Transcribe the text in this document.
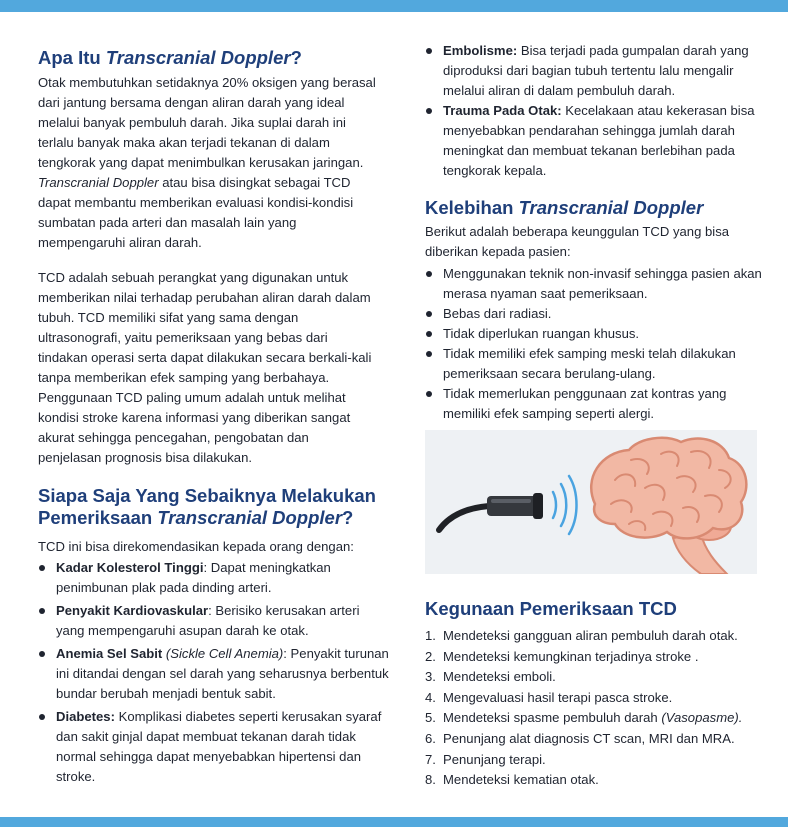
Apa Itu Transcranial Doppler?

Otak membutuhkan setidaknya 20% oksigen yang berasal dari jantung bersama dengan aliran darah yang ideal melalui banyak pembuluh darah. Jika suplai darah ini terlalu banyak maka akan terjadi tekanan di dalam tengkorak yang dapat menimbulkan kerusakan jaringan. Transcranial Doppler atau bisa disingkat sebagai TCD dapat membantu memberikan evaluasi kondisi-kondisi sumbatan pada arteri dan masalah lain yang mempengaruhi aliran darah.

TCD adalah sebuah perangkat yang digunakan untuk memberikan nilai terhadap perubahan aliran darah dalam tubuh. TCD memiliki sifat yang sama dengan ultrasonografi, yaitu pemeriksaan yang bebas dari tindakan operasi serta dapat dilakukan secara berkali-kali tanpa memberikan efek samping yang berbahaya. Penggunaan TCD paling umum adalah untuk melihat kondisi stroke karena informasi yang diberikan sangat akurat sehingga pencegahan, pengobatan dan penjelasan prognosis bisa dilakukan.

Siapa Saja Yang Sebaiknya Melakukan
Pemeriksaan Transcranial Doppler?

TCD ini bisa direkomendasikan kepada orang dengan:

Kadar Kolesterol Tinggi: Dapat meningkatkan penimbunan plak pada dinding arteri.
Penyakit Kardiovaskular: Berisiko kerusakan arteri yang mempengaruhi asupan darah ke otak.
Anemia Sel Sabit (Sickle Cell Anemia): Penyakit turunan ini ditandai dengan sel darah yang seharusnya berbentuk bundar berubah menjadi bentuk sabit.
Diabetes: Komplikasi diabetes seperti kerusakan syaraf dan sakit ginjal dapat membuat tekanan darah tidak normal sehingga dapat menyebabkan hipertensi dan stroke.
Embolisme: Bisa terjadi pada gumpalan darah yang diproduksi dari bagian tubuh tertentu lalu mengalir melalui aliran di dalam pembuluh darah.
Trauma Pada Otak: Kecelakaan atau kekerasan bisa menyebabkan pendarahan sehingga jumlah darah meningkat dan membuat tekanan berlebihan pada tengkorak kepala.
Kelebihan Transcranial Doppler

Berikut adalah beberapa keunggulan TCD yang bisa diberikan kepada pasien:

Menggunakan teknik non-invasif sehingga pasien akan merasa nyaman saat pemeriksaan.
Bebas dari radiasi.
Tidak diperlukan ruangan khusus.
Tidak memiliki efek samping meski telah dilakukan pemeriksaan secara berulang-ulang.
Tidak memerlukan penggunaan zat kontras yang memiliki efek samping seperti alergi.
Kegunaan Pemeriksaan TCD
1. Mendeteksi gangguan aliran pembuluh darah otak.
2. Mendeteksi kemungkinan terjadinya stroke .
3. Mendeteksi emboli.
4. Mengevaluasi hasil terapi pasca stroke.
5. Mendeteksi spasme pembuluh darah (Vasopasme).
6. Penunjang alat diagnosis CT scan, MRI dan MRA.
7. Penunjang terapi.
8. Mendeteksi kematian otak.
